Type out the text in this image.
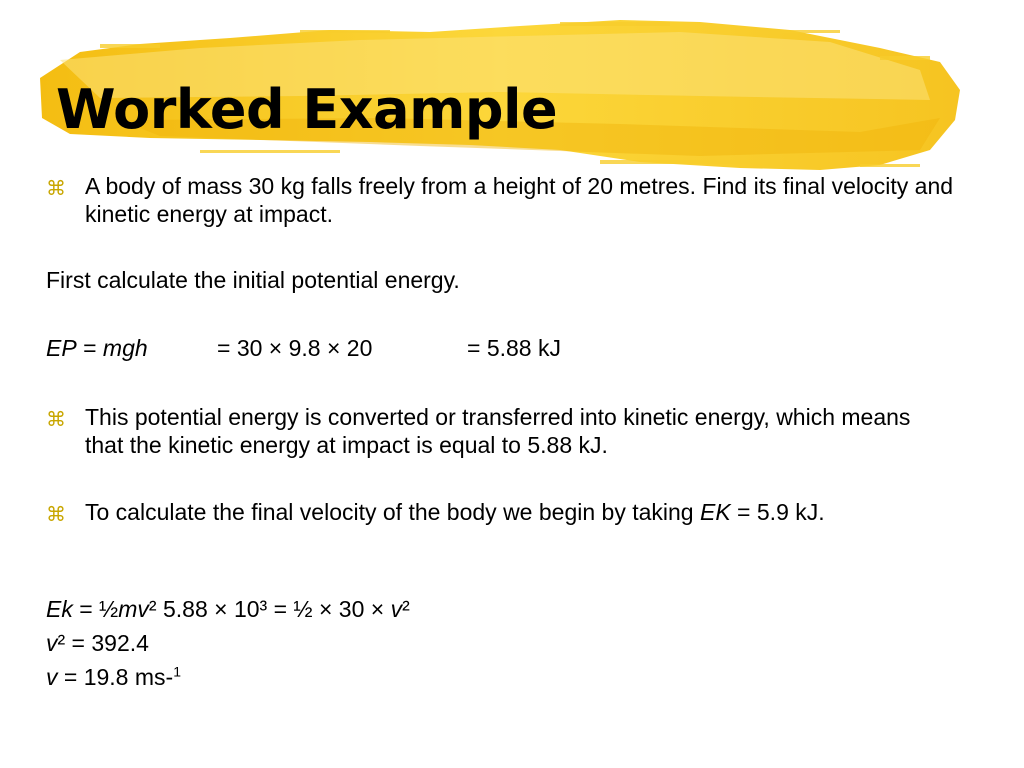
Worked Example
⌘ A body of mass 30 kg falls freely from a height of 20 metres. Find its final velocity and kinetic energy at impact.
First calculate the initial potential energy.
EP = mgh	= 30 × 9.8 × 20	= 5.88 kJ
⌘ This potential energy is converted or transferred into kinetic energy, which means that the kinetic energy at impact is equal to 5.88 kJ.
⌘ To calculate the final velocity of the body we begin by taking EK = 5.9 kJ.
Ek = ½mv² 5.88 × 10³ = ½ × 30 × v²
v² = 392.4
v = 19.8 ms-$^1$
